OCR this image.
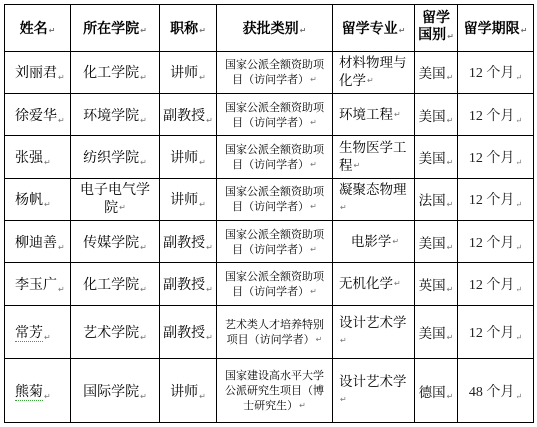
姓名↵	所在学院↵	职称↵	获批类别↵	留学专业↵	留学国别↵	留学期限↵
刘丽君↵	化工学院↵	讲师↵	国家公派全额资助项目（访问学者）↵	材料物理与化学↵	美国↵	12 个月↵
徐爱华↵	环境学院↵	副教授↵	国家公派全额资助项目（访问学者）↵	环境工程↵	美国↵	12 个月↵
张强↵	纺织学院↵	讲师↵	国家公派全额资助项目（访问学者）↵	生物医学工程↵	美国↵	12 个月↵
杨帆↵	电子电气学院↵	讲师↵	国家公派全额资助项目（访问学者）↵	凝聚态物理↵	法国↵	12 个月↵
柳迪善↵	传媒学院↵	副教授↵	国家公派全额资助项目（访问学者）↵	电影学↵	美国↵	12 个月↵
李玉广↵	化工学院↵	副教授↵	国家公派全额资助项目（访问学者）↵	无机化学↵	英国↵	12 个月↵
常芳↵	艺术学院↵	副教授↵	艺术类人才培养特别项目（访问学者）↵	设计艺术学↵	美国↵	12 个月↵
熊菊↵	国际学院↵	讲师↵	国家建设高水平大学公派研究生项目（博士研究生）↵	设计艺术学↵	德国↵	48 个月↵
